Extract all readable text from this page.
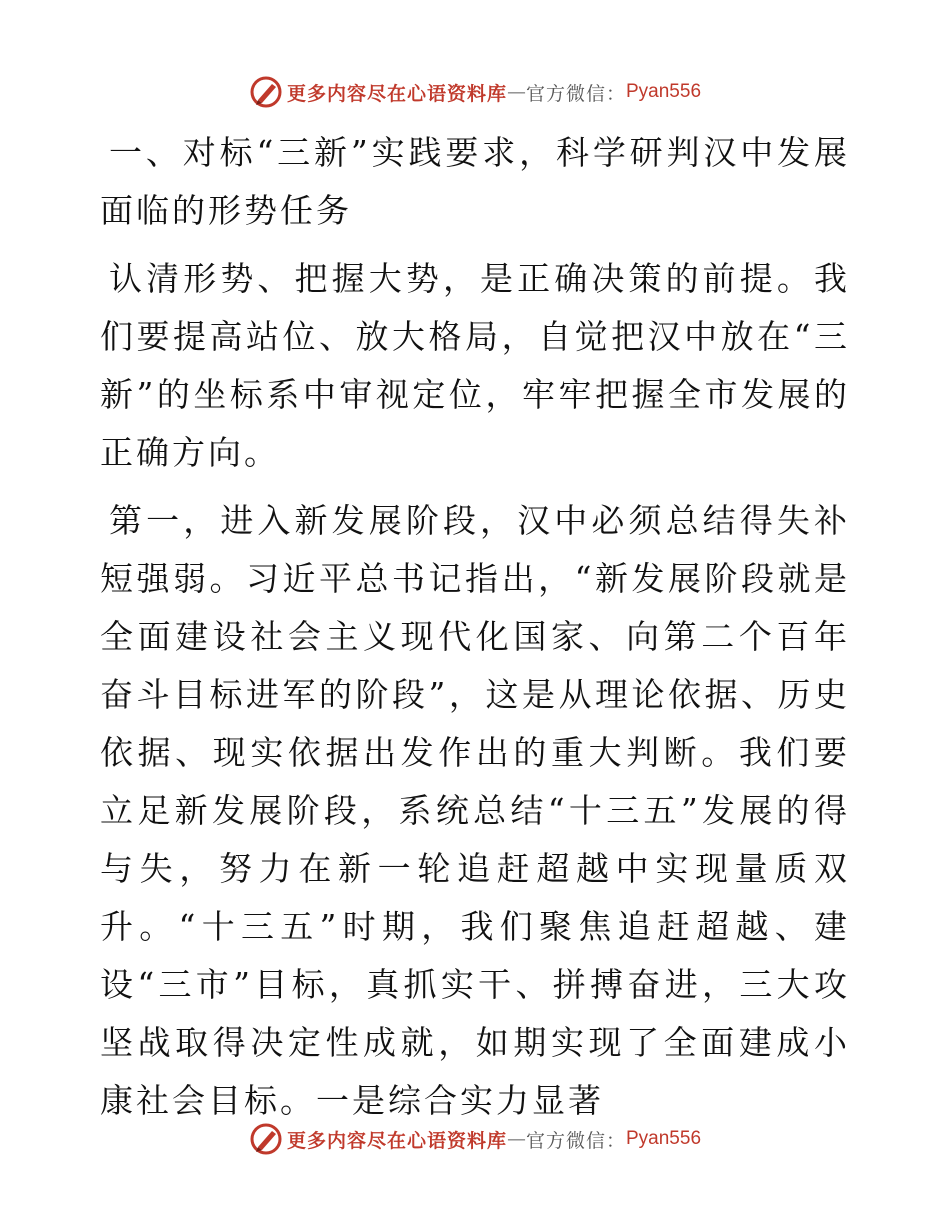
更多内容尽在心语资料库 — 官方微信： Pyan556

一、对标“三新”实践要求，科学研判汉中发展面临的形势任务

认清形势、把握大势，是正确决策的前提。我们要提高站位、放大格局，自觉把汉中放在“三新”的坐标系中审视定位，牢牢把握全市发展的正确方向。

第一，进入新发展阶段，汉中必须总结得失补短强弱。习近平总书记指出，“新发展阶段就是全面建设社会主义现代化国家、向第二个百年奋斗目标进军的阶段”，这是从理论依据、历史依据、现实依据出发作出的重大判断。我们要立足新发展阶段，系统总结“十三五”发展的得与失，努力在新一轮追赶超越中实现量质双升。“十三五”时期，我们聚焦追赶超越、建设“三市”目标，真抓实干、拼搏奋进，三大攻坚战取得决定性成就，如期实现了全面建成小康社会目标。一是综合实力显著

更多内容尽在心语资料库 — 官方微信： Pyan556
